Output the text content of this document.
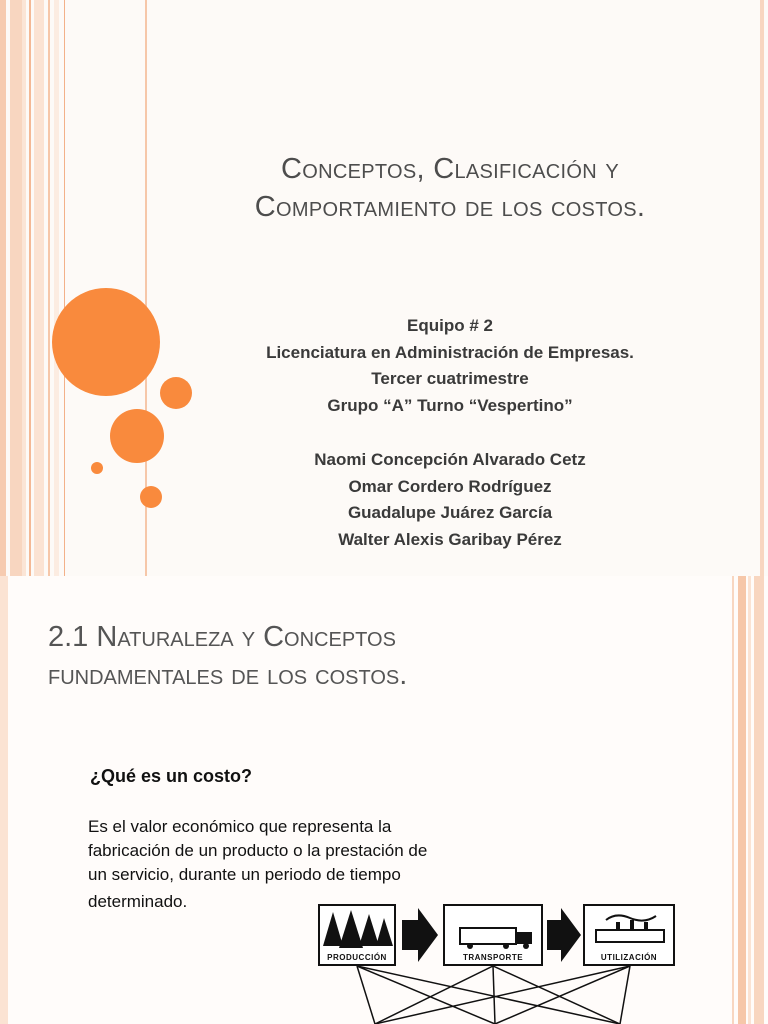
Conceptos, Clasificación y
Comportamiento de los costos.
Equipo # 2
Licenciatura en Administración de Empresas.
Tercer cuatrimestre
Grupo “A” Turno “Vespertino”
Naomi Concepción Alvarado Cetz
Omar Cordero Rodríguez
Guadalupe Juárez García
Walter Alexis Garibay Pérez
2.1 Naturaleza y Conceptos
fundamentales de los costos.
¿Qué es un costo?
Es el valor económico que representa la
fabricación de un producto o la prestación de
un servicio, durante un periodo de tiempo
determinado.
PRODUCCIÓN	TRANSPORTE	UTILIZACIÓN
